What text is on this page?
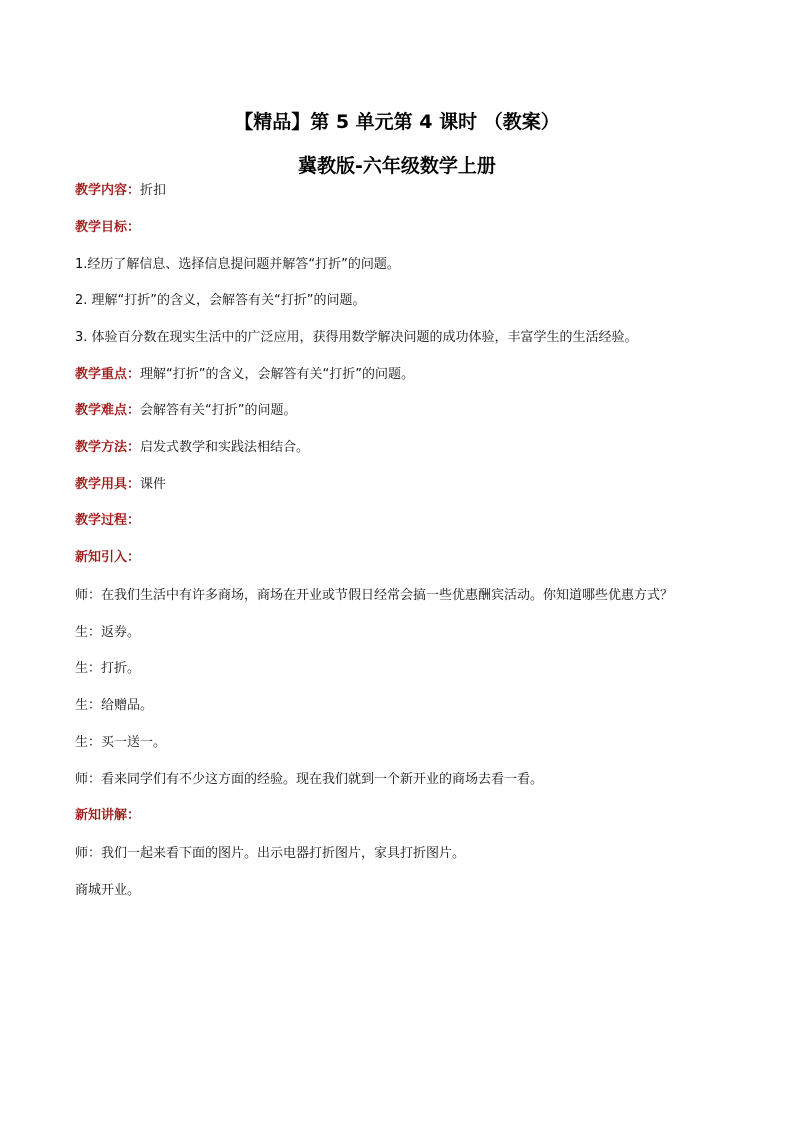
【精品】第 5 单元第 4 课时 （教案）
冀教版-六年级数学上册
教学内容：折扣
教学目标：
1.经历了解信息、选择信息提问题并解答“打折”的问题。
2. 理解“打折”的含义，会解答有关“打折”的问题。
3. 体验百分数在现实生活中的广泛应用，获得用数学解决问题的成功体验，丰富学生的生活经验。
教学重点：理解“打折”的含义，会解答有关“打折”的问题。
教学难点：会解答有关“打折”的问题。
教学方法：启发式教学和实践法相结合。
教学用具：课件
教学过程：
新知引入：
师：在我们生活中有许多商场，商场在开业或节假日经常会搞一些优惠酬宾活动。你知道哪些优惠方式？
生：返券。
生：打折。
生：给赠品。
生：买一送一。
师：看来同学们有不少这方面的经验。现在我们就到一个新开业的商场去看一看。
新知讲解：
师：我们一起来看下面的图片。出示电器打折图片，家具打折图片。
商城开业。
